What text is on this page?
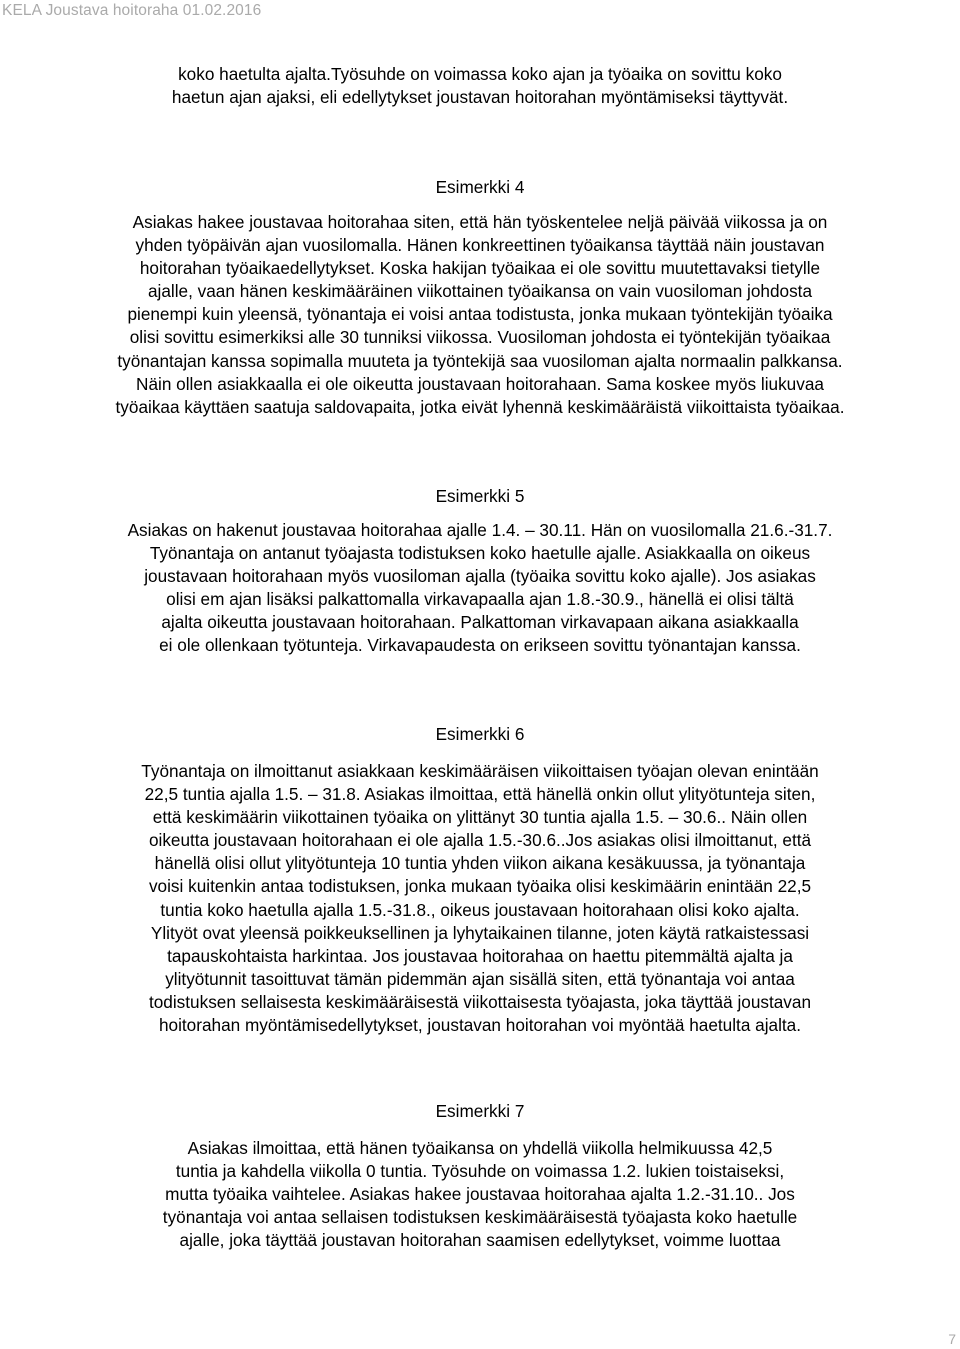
KELA Joustava hoitoraha 01.02.2016

koko haetulta ajalta.Työsuhde on voimassa koko ajan ja työaika on sovittu koko

haetun ajan ajaksi, eli edellytykset joustavan hoitorahan myöntämiseksi täyttyvät.

Esimerkki 4

Asiakas hakee joustavaa hoitorahaa siten, että hän työskentelee neljä päivää viikossa ja on

yhden työpäivän ajan vuosilomalla. Hänen konkreettinen työaikansa täyttää näin joustavan

hoitorahan työaikaedellytykset. Koska hakijan työaikaa ei ole sovittu muutettavaksi tietylle

ajalle, vaan hänen keskimääräinen viikottainen työaikansa on vain vuosiloman johdosta

pienempi kuin yleensä, työnantaja ei voisi antaa todistusta, jonka mukaan työntekijän työaika

olisi sovittu esimerkiksi alle 30 tunniksi viikossa. Vuosiloman johdosta ei työntekijän työaikaa

työnantajan kanssa sopimalla muuteta ja työntekijä saa vuosiloman ajalta normaalin palkkansa.

Näin ollen asiakkaalla ei ole oikeutta joustavaan hoitorahaan. Sama koskee myös liukuvaa

työaikaa käyttäen saatuja saldovapaita, jotka eivät lyhennä keskimääräistä viikoittaista työaikaa.

Esimerkki 5

Asiakas on hakenut joustavaa hoitorahaa ajalle 1.4. – 30.11. Hän on vuosilomalla 21.6.-31.7.

Työnantaja on antanut työajasta todistuksen koko haetulle ajalle. Asiakkaalla on oikeus

joustavaan hoitorahaan myös vuosiloman ajalla (työaika sovittu koko ajalle). Jos asiakas

olisi em ajan lisäksi palkattomalla virkavapaalla ajan 1.8.-30.9., hänellä ei olisi tältä

ajalta oikeutta joustavaan hoitorahaan. Palkattoman virkavapaan aikana asiakkaalla

ei ole ollenkaan työtunteja. Virkavapaudesta on erikseen sovittu työnantajan kanssa.

Esimerkki 6

Työnantaja on ilmoittanut asiakkaan keskimääräisen viikoittaisen työajan olevan enintään

22,5 tuntia ajalla 1.5. – 31.8. Asiakas ilmoittaa, että hänellä onkin ollut ylityötunteja siten,

että keskimäärin viikottainen työaika on ylittänyt 30 tuntia ajalla 1.5. – 30.6.. Näin ollen

oikeutta joustavaan hoitorahaan ei ole ajalla 1.5.-30.6..Jos asiakas olisi ilmoittanut, että

hänellä olisi ollut ylityötunteja 10 tuntia yhden viikon aikana kesäkuussa, ja työnantaja

voisi kuitenkin antaa todistuksen, jonka mukaan työaika olisi keskimäärin enintään 22,5

tuntia koko haetulla ajalla 1.5.-31.8., oikeus joustavaan hoitorahaan olisi koko ajalta.

Ylityöt ovat yleensä poikkeuksellinen ja lyhytaikainen tilanne, joten käytä ratkaistessasi

tapauskohtaista harkintaa. Jos joustavaa hoitorahaa on haettu pitemmältä ajalta ja

ylityötunnit tasoittuvat tämän pidemmän ajan sisällä siten, että työnantaja voi antaa

todistuksen sellaisesta keskimääräisestä viikottaisesta työajasta, joka täyttää joustavan

hoitorahan myöntämisedellytykset, joustavan hoitorahan voi myöntää haetulta ajalta.

Esimerkki 7

Asiakas ilmoittaa, että hänen työaikansa on yhdellä viikolla helmikuussa 42,5

tuntia ja kahdella viikolla 0 tuntia. Työsuhde on voimassa 1.2. lukien toistaiseksi,

mutta työaika vaihtelee. Asiakas hakee joustavaa hoitorahaa ajalta 1.2.-31.10.. Jos

työnantaja voi antaa sellaisen todistuksen keskimääräisestä työajasta koko haetulle

ajalle, joka täyttää joustavan hoitorahan saamisen edellytykset, voimme luottaa

7
